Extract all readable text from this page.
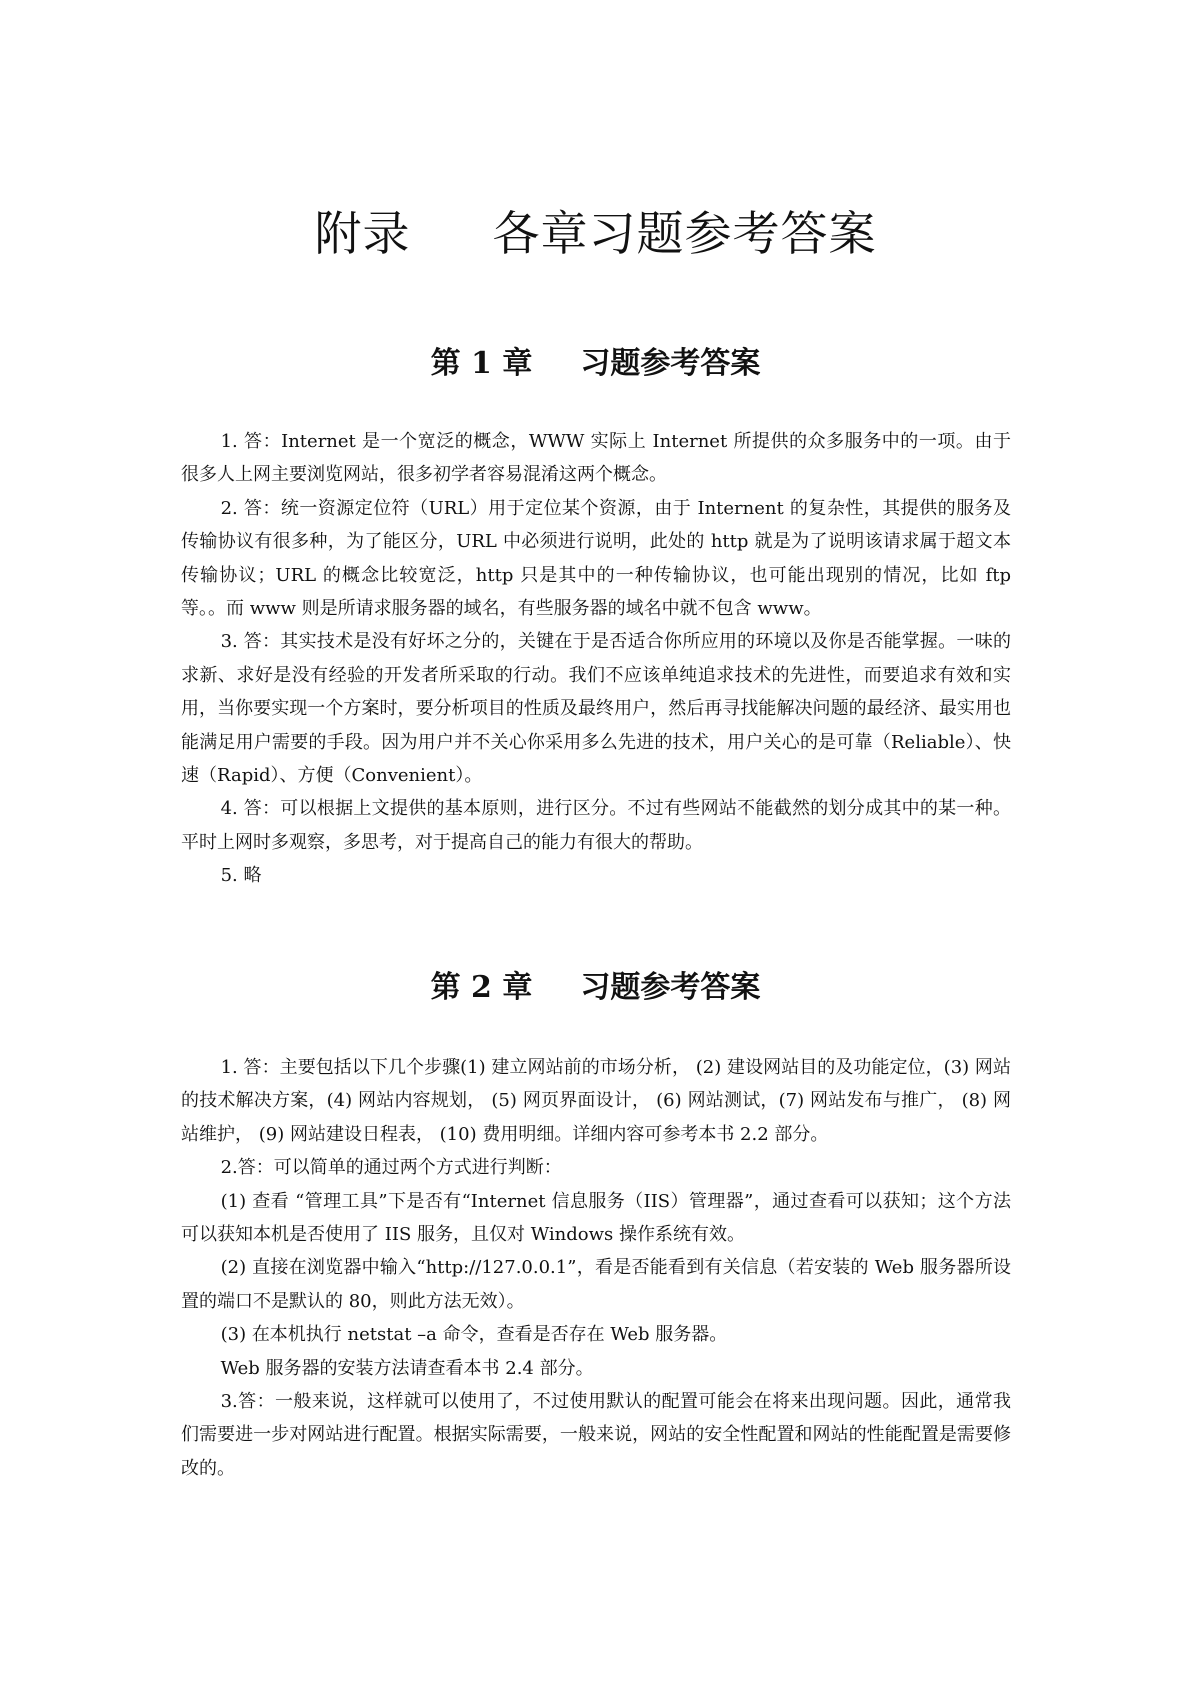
附录 各章习题参考答案
第 1 章 习题参考答案

1. 答：Internet 是一个宽泛的概念，WWW 实际上 Internet 所提供的众多服务中的一项。由于很多人上网主要浏览网站，很多初学者容易混淆这两个概念。

2. 答：统一资源定位符（URL）用于定位某个资源，由于 Internent 的复杂性，其提供的服务及传输协议有很多种，为了能区分，URL 中必须进行说明，此处的 http 就是为了说明该请求属于超文本传输协议；URL 的概念比较宽泛，http 只是其中的一种传输协议，也可能出现别的情况，比如 ftp 等。。而 www 则是所请求服务器的域名，有些服务器的域名中就不包含 www。

3. 答：其实技术是没有好坏之分的，关键在于是否适合你所应用的环境以及你是否能掌握。一味的求新、求好是没有经验的开发者所采取的行动。我们不应该单纯追求技术的先进性，而要追求有效和实用，当你要实现一个方案时，要分析项目的性质及最终用户，然后再寻找能解决问题的最经济、最实用也能满足用户需要的手段。因为用户并不关心你采用多么先进的技术，用户关心的是可靠（Reliable）、快速（Rapid）、方便（Convenient）。

4. 答：可以根据上文提供的基本原则，进行区分。不过有些网站不能截然的划分成其中的某一种。平时上网时多观察，多思考，对于提高自己的能力有很大的帮助。

5. 略

第 2 章 习题参考答案

1. 答：主要包括以下几个步骤(1) 建立网站前的市场分析， (2) 建设网站目的及功能定位，(3) 网站的技术解决方案，(4) 网站内容规划， (5) 网页界面设计， (6) 网站测试，(7) 网站发布与推广， (8) 网站维护， (9) 网站建设日程表， (10) 费用明细。详细内容可参考本书 2.2 部分。

2.答：可以简单的通过两个方式进行判断：

(1) 查看 “管理工具”下是否有“Internet 信息服务（IIS）管理器”，通过查看可以获知；这个方法可以获知本机是否使用了 IIS 服务，且仅对 Windows 操作系统有效。

(2) 直接在浏览器中输入“http://127.0.0.1”，看是否能看到有关信息（若安装的 Web 服务器所设置的端口不是默认的 80，则此方法无效）。

(3) 在本机执行 netstat –a 命令，查看是否存在 Web 服务器。

Web 服务器的安装方法请查看本书 2.4 部分。

3.答：一般来说，这样就可以使用了，不过使用默认的配置可能会在将来出现问题。因此，通常我们需要进一步对网站进行配置。根据实际需要，一般来说，网站的安全性配置和网站的性能配置是需要修改的。
